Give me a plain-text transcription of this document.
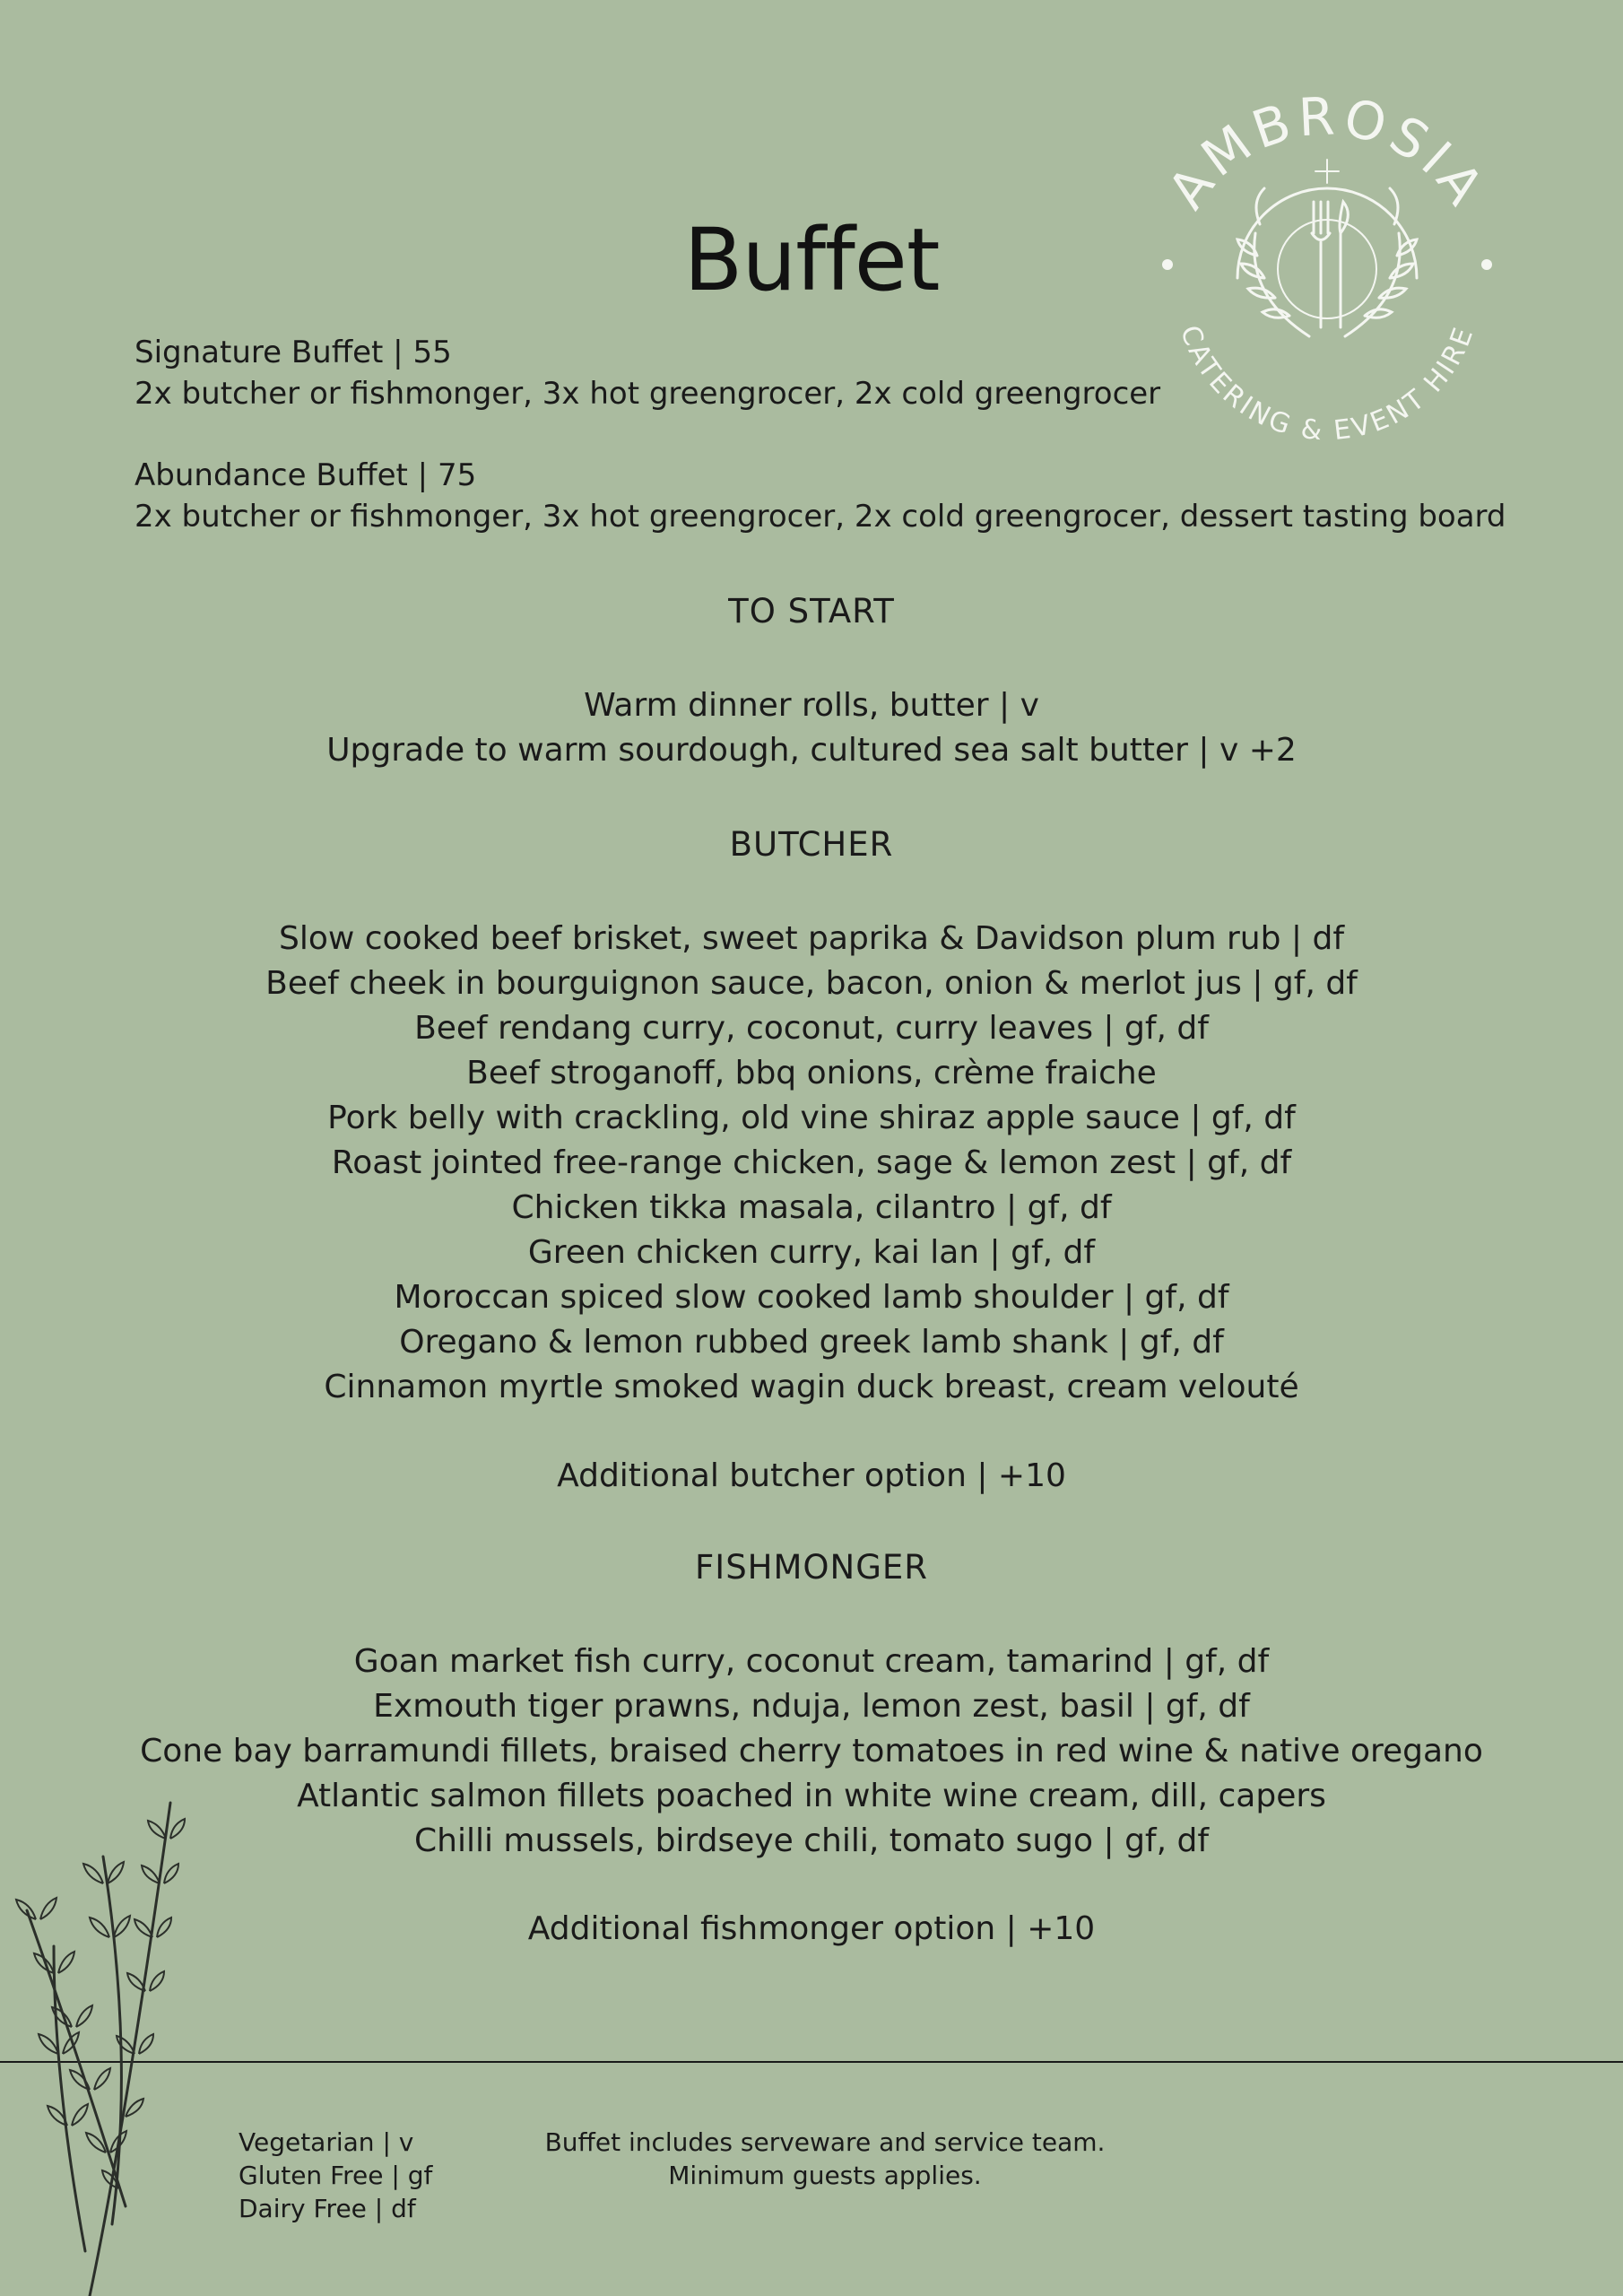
Buffet
AMBROSIA
CATERING & EVENT HIRE
Signature Buffet | 55
2x butcher or fishmonger, 3x hot greengrocer, 2x cold greengrocer
Abundance Buffet | 75
2x butcher or fishmonger, 3x hot greengrocer, 2x cold greengrocer, dessert tasting board
TO START
Warm dinner rolls, butter | v
Upgrade to warm sourdough, cultured sea salt butter | v +2
BUTCHER
Slow cooked beef brisket, sweet paprika & Davidson plum rub | df
Beef cheek in bourguignon sauce, bacon, onion & merlot jus | gf, df
Beef rendang curry, coconut, curry leaves | gf, df
Beef stroganoff, bbq onions, crème fraiche
Pork belly with crackling, old vine shiraz apple sauce | gf, df
Roast jointed free-range chicken, sage & lemon zest | gf, df
Chicken tikka masala, cilantro | gf, df
Green chicken curry, kai lan | gf, df
Moroccan spiced slow cooked lamb shoulder | gf, df
Oregano & lemon rubbed greek lamb shank | gf, df
Cinnamon myrtle smoked wagin duck breast, cream velouté
Additional butcher option | +10
FISHMONGER
Goan market fish curry, coconut cream, tamarind | gf, df
Exmouth tiger prawns, nduja, lemon zest, basil | gf, df
Cone bay barramundi fillets, braised cherry tomatoes in red wine & native oregano
Atlantic salmon fillets poached in white wine cream, dill, capers
Chilli mussels, birdseye chili, tomato sugo | gf, df
Additional fishmonger option | +10
Vegetarian | v
Gluten Free | gf
Dairy Free | df
Buffet includes serveware and service team.
Minimum guests applies.
